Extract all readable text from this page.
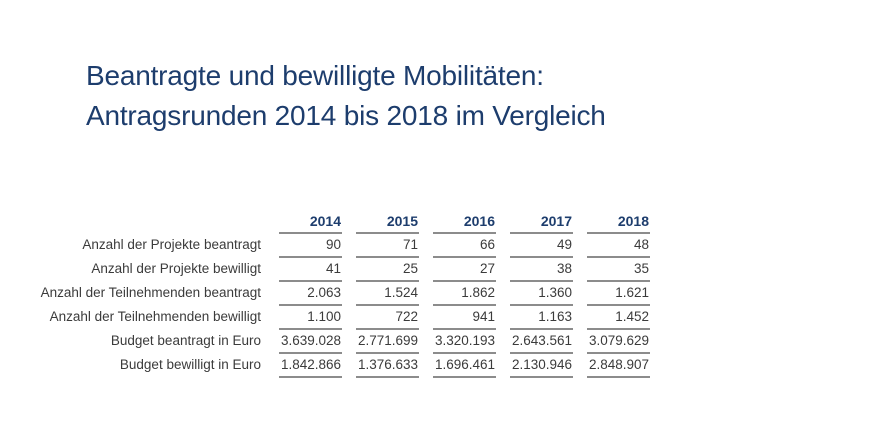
Beantragte und bewilligte Mobilitäten:
Antragsrunden 2014 bis 2018 im Vergleich
	2014	2015	2016	2017	2018
Anzahl der Projekte beantragt	90	71	66	49	48
Anzahl der Projekte bewilligt	41	25	27	38	35
Anzahl der Teilnehmenden beantragt	2.063	1.524	1.862	1.360	1.621
Anzahl der Teilnehmenden bewilligt	1.100	722	941	1.163	1.452
Budget beantragt in Euro	3.639.028	2.771.699	3.320.193	2.643.561	3.079.629
Budget bewilligt in Euro	1.842.866	1.376.633	1.696.461	2.130.946	2.848.907
